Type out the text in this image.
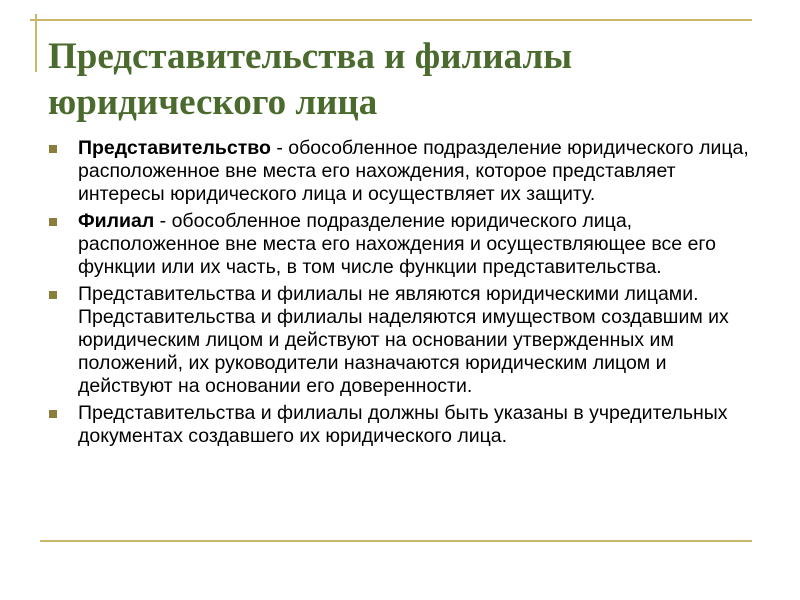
Представительства и филиалы
юридического лица
Представительство - обособленное подразделение юридического лица, расположенное вне места его нахождения, которое представляет интересы юридического лица и осуществляет их защиту.
Филиал - обособленное подразделение юридического лица, расположенное вне места его нахождения и осуществляющее все его функции или их часть, в том числе функции представительства.
Представительства и филиалы не являются юридическими лицами. Представительства и филиалы наделяются имуществом создавшим их юридическим лицом и действуют на основании утвержденных им положений, их руководители назначаются юридическим лицом и действуют на основании его доверенности.
Представительства и филиалы должны быть указаны в учредительных документах создавшего их юридического лица.
